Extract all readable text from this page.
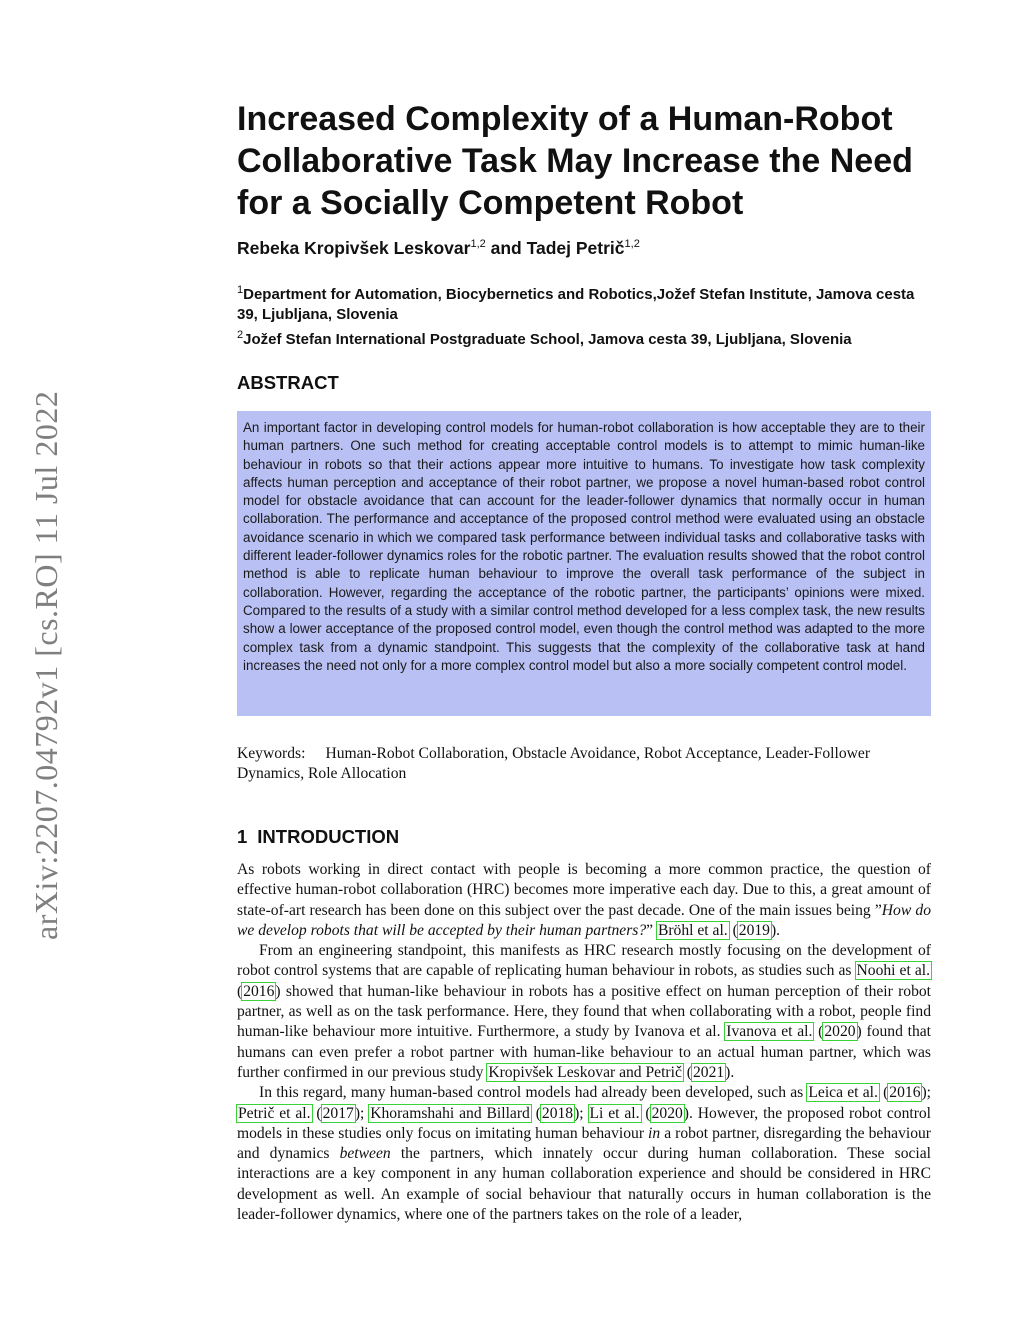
arXiv:2207.04792v1 [cs.RO] 11 Jul 2022
Increased Complexity of a Human-Robot Collaborative Task May Increase the Need for a Socially Competent Robot
Rebeka Kropivšek Leskovar$^{1,2}$ and Tadej Petrič$^{1,2}$
$^1$Department for Automation, Biocybernetics and Robotics,Jožef Stefan Institute, Jamova cesta 39, Ljubljana, Slovenia
$^2$Jožef Stefan International Postgraduate School, Jamova cesta 39, Ljubljana, Slovenia
ABSTRACT
An important factor in developing control models for human-robot collaboration is how acceptable they are to their human partners. One such method for creating acceptable control models is to attempt to mimic human-like behaviour in robots so that their actions appear more intuitive to humans. To investigate how task complexity affects human perception and acceptance of their robot partner, we propose a novel human-based robot control model for obstacle avoidance that can account for the leader-follower dynamics that normally occur in human collaboration. The performance and acceptance of the proposed control method were evaluated using an obstacle avoidance scenario in which we compared task performance between individual tasks and collaborative tasks with different leader-follower dynamics roles for the robotic partner. The evaluation results showed that the robot control method is able to replicate human behaviour to improve the overall task performance of the subject in collaboration. However, regarding the acceptance of the robotic partner, the participants’ opinions were mixed. Compared to the results of a study with a similar control method developed for a less complex task, the new results show a lower acceptance of the proposed control model, even though the control method was adapted to the more complex task from a dynamic standpoint. This suggests that the complexity of the collaborative task at hand increases the need not only for a more complex control model but also a more socially competent control model.
Keywords: Human-Robot Collaboration, Obstacle Avoidance, Robot Acceptance, Leader-Follower Dynamics, Role Allocation
1 INTRODUCTION

As robots working in direct contact with people is becoming a more common practice, the question of effective human-robot collaboration (HRC) becomes more imperative each day. Due to this, a great amount of state-of-art research has been done on this subject over the past decade. One of the main issues being ”How do we develop robots that will be accepted by their human partners?” Bröhl et al. (2019).

From an engineering standpoint, this manifests as HRC research mostly focusing on the development of robot control systems that are capable of replicating human behaviour in robots, as studies such as Noohi et al. (2016) showed that human-like behaviour in robots has a positive effect on human perception of their robot partner, as well as on the task performance. Here, they found that when collaborating with a robot, people find human-like behaviour more intuitive. Furthermore, a study by Ivanova et al. Ivanova et al. (2020) found that humans can even prefer a robot partner with human-like behaviour to an actual human partner, which was further confirmed in our previous study Kropivšek Leskovar and Petrič (2021).

In this regard, many human-based control models had already been developed, such as Leica et al. (2016); Petrič et al. (2017); Khoramshahi and Billard (2018); Li et al. (2020). However, the proposed robot control models in these studies only focus on imitating human behaviour in a robot partner, disregarding the behaviour and dynamics between the partners, which innately occur during human collaboration. These social interactions are a key component in any human collaboration experience and should be considered in HRC development as well. An example of social behaviour that naturally occurs in human collaboration is the leader-follower dynamics, where one of the partners takes on the role of a leader,
